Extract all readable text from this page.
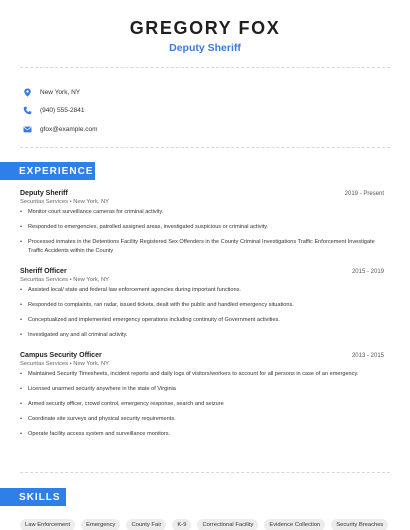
GREGORY FOX
Deputy Sheriff
New York, NY
(940) 555-2841
gfox@example.com
EXPERIENCE
Deputy Sheriff	2019 - Present
Securitas Services • New York, NY
• Monitor court surveillance cameras for criminal activity.
• Responded to emergencies, patrolled assigned areas, investigated suspicious or criminal activity.
• Processed inmates in the Detentions Facility Registered Sex Offenders in the County Criminal Investigations Traffic Enforcement Investigate Traffic Accidents within the County
Sheriff Officer	2015 - 2019
Securitas Services • New York, NY
• Assisted local/ state and federal law enforcement agencies during important functions.
• Responded to complaints, ran radar, issued tickets, dealt with the public and handled emergency situations.
• Conceptualized and implemented emergency operations including continuity of Government activities.
• Investigated any and all criminal activity.
Campus Security Officer	2013 - 2015
Securitas Services • New York, NY
• Maintained Security Timesheets, incident reports and daily logs of visitors/workers to account for all persons in case of an emergency.
• Licensed unarmed security anywhere in the state of Virginia
• Armed security officer, crowd control, emergency response, search and seizure
• Coordinate site surveys and physical security requirements.
• Operate facility access system and surveillance monitors.
SKILLS
Law Enforcement	Emergency	County Fair	K-9	Correctional Facility	Evidence Collection	Security Breaches
